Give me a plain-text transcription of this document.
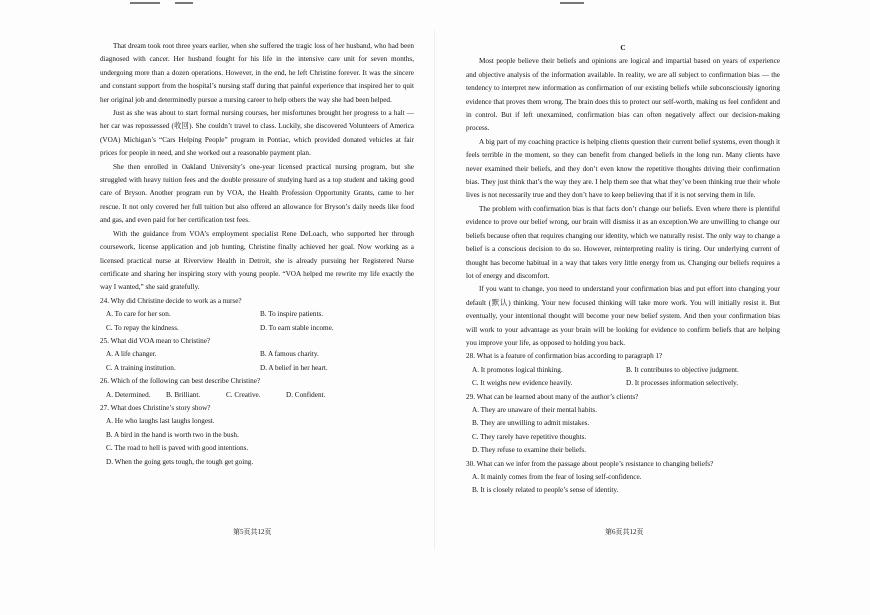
That dream took root three years earlier, when she suffered the tragic loss of her husband, who had been diagnosed with cancer. Her husband fought for his life in the intensive care unit for seven months, undergoing more than a dozen operations. However, in the end, he left Christine forever. It was the sincere and constant support from the hospital’s nursing staff during that painful experience that inspired her to quit her original job and determinedly pursue a nursing career to help others the way she had been helped.

Just as she was about to start formal nursing courses, her misfortunes brought her progress to a halt — her car was repossessed (收回). She couldn’t travel to class. Luckily, she discovered Volunteers of America (VOA) Michigan’s “Cars Helping People” program in Pontiac, which provided donated vehicles at fair prices for people in need, and she worked out a reasonable payment plan.

She then enrolled in Oakland University’s one-year licensed practical nursing program, but she struggled with heavy tuition fees and the double pressure of studying hard as a top student and taking good care of Bryson. Another program run by VOA, the Health Profession Opportunity Grants, came to her rescue. It not only covered her full tuition but also offered an allowance for Bryson’s daily needs like food and gas, and even paid for her certification test fees.

With the guidance from VOA’s employment specialist Rene DeLoach, who supported her through coursework, license application and job hunting, Christine finally achieved her goal. Now working as a licensed practical nurse at Riverview Health in Detroit, she is already pursuing her Registered Nurse certificate and sharing her inspiring story with young people. “VOA helped me rewrite my life exactly the way I wanted,” she said gratefully.

24. Why did Christine decide to work as a nurse?
A. To care for her son.	B. To inspire patients.
C. To repay the kindness.	D. To earn stable income.
25. What did VOA mean to Christine?
A. A life changer.	B. A famous charity.
C. A training institution.	D. A belief in her heart.
26. Which of the following can best describe Christine?
A. Determined.	B. Brilliant.	C. Creative.	D. Confident.
27. What does Christine’s story show?
A. He who laughs last laughs longest.
B. A bird in the hand is worth two in the bush.
C. The road to hell is paved with good intentions.
D. When the going gets tough, the tough get going.
第5页共12页

C

Most people believe their beliefs and opinions are logical and impartial based on years of experience and objective analysis of the information available. In reality, we are all subject to confirmation bias — the tendency to interpret new information as confirmation of our existing beliefs while subconsciously ignoring evidence that proves them wrong. The brain does this to protect our self-worth, making us feel confident and in control. But if left unexamined, confirmation bias can often negatively affect our decision-making process.

A big part of my coaching practice is helping clients question their current belief systems, even though it feels terrible in the moment, so they can benefit from changed beliefs in the long run. Many clients have never examined their beliefs, and they don’t even know the repetitive thoughts driving their confirmation bias. They just think that’s the way they are. I help them see that what they’ve been thinking true their whole lives is not necessarily true and they don’t have to keep believing that if it is not serving them in life.

The problem with confirmation bias is that facts don’t change our beliefs. Even where there is plentiful evidence to prove our belief wrong, our brain will dismiss it as an exception.We are unwilling to change our beliefs because often that requires changing our identity, which we naturally resist. The only way to change a belief is a conscious decision to do so. However, reinterpreting reality is tiring. Our underlying current of thought has become habitual in a way that takes very little energy from us. Changing our beliefs requires a lot of energy and discomfort.

If you want to change, you need to understand your confirmation bias and put effort into changing your default (默认) thinking. Your new focused thinking will take more work. You will initially resist it. But eventually, your intentional thought will become your new belief system. And then your confirmation bias will work to your advantage as your brain will be looking for evidence to confirm beliefs that are helping you improve your life, as opposed to holding you back.

28. What is a feature of confirmation bias according to paragraph 1?
A. It promotes logical thinking.	B. It contributes to objective judgment.
C. It weighs new evidence heavily.	D. It processes information selectively.
29. What can be learned about many of the author’s clients?
A. They are unaware of their mental habits.
B. They are unwilling to admit mistakes.
C. They rarely have repetitive thoughts.
D. They refuse to examine their beliefs.
30. What can we infer from the passage about people’s resistance to changing beliefs?
A. It mainly comes from the fear of losing self-confidence.
B. It is closely related to people’s sense of identity.
第6页共12页
